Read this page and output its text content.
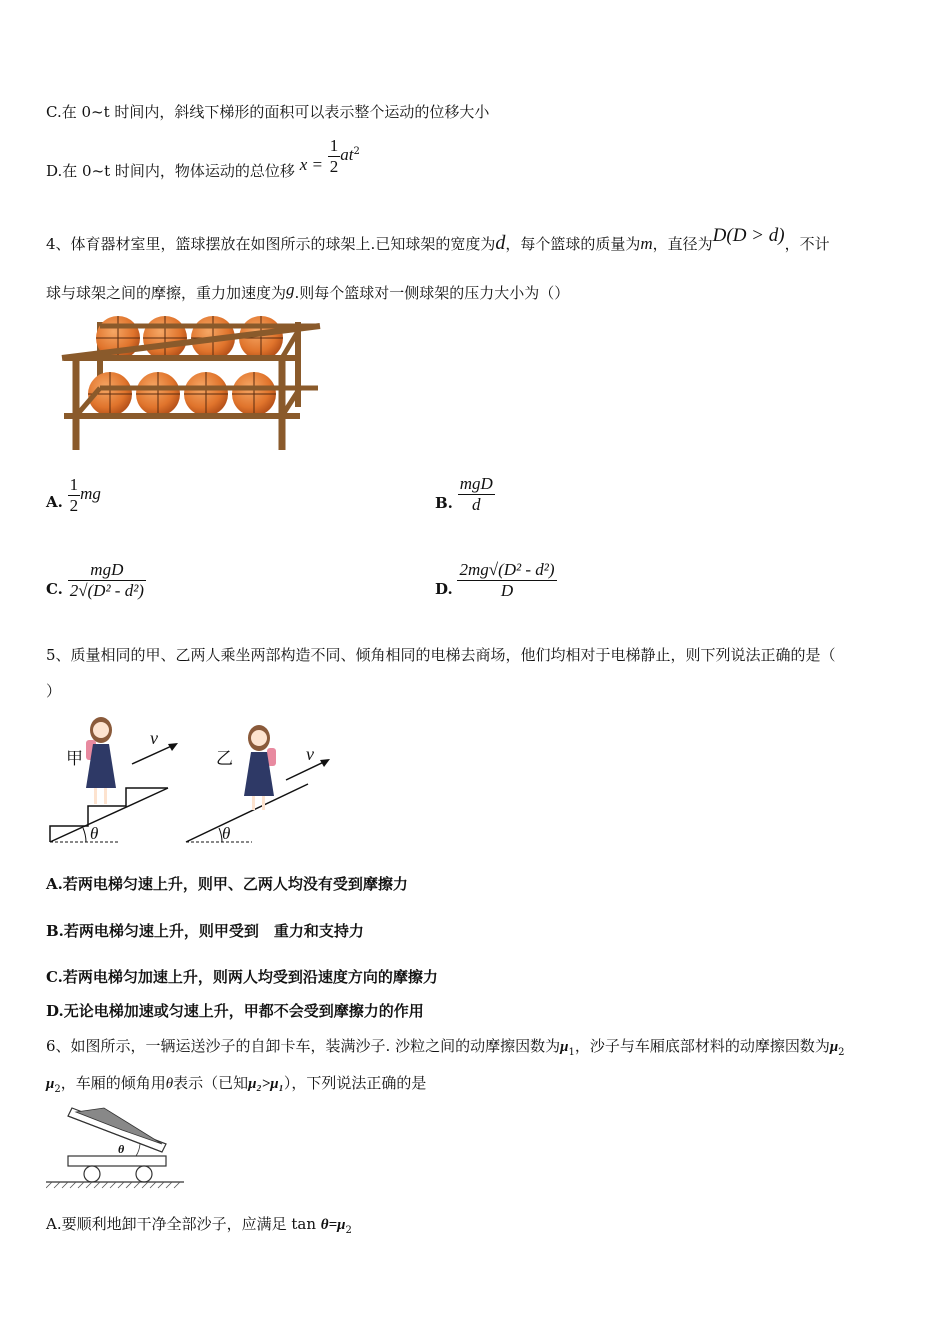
C.在 0~t 时间内，斜线下梯形的面积可以表示整个运动的位移大小
D.在 0~t 时间内，物体运动的总位移 $x = \frac{1}{2} at^2$
4、体育器材室里，篮球摆放在如图所示的球架上.已知球架的宽度为d，每个篮球的质量为m，直径为D(D > d)，不计
球与球架之间的摩擦，重力加速度为g.则每个篮球对一侧球架的压力大小为（）
A. $\frac{1}{2}$ mg	B. $\frac{\text{mgD}}{d}$
C. $\frac{\text{mgD}}{\text{2√(D² - d²)}}$	D. $\frac{\text{2mg√(D² - d²)}}{D}$
5、质量相同的甲、乙两人乘坐两部构造不同、倾角相同的电梯去商场，他们均相对于电梯静止，则下列说法正确的是（
）
甲	乙
v
v
θ	θ
A.若两电梯匀速上升，则甲、乙两人均没有受到摩擦力
B.若两电梯匀速上升，则甲受到　重力和支持力
C.若两电梯匀加速上升，则两人均受到沿速度方向的摩擦力
D.无论电梯加速或匀速上升，甲都不会受到摩擦力的作用
6、如图所示，一辆运送沙子的自卸卡车，装满沙子. 沙粒之间的动摩擦因数为$\mu_1$，沙子与车厢底部材料的动摩擦因数为$\mu_2$
$\mu_2$，车厢的倾角用θ表示（已知μ₂>μ₁），下列说法正确的是
θ
A.要顺利地卸干净全部沙子，应满足 $\tan \theta=\mu_2$
